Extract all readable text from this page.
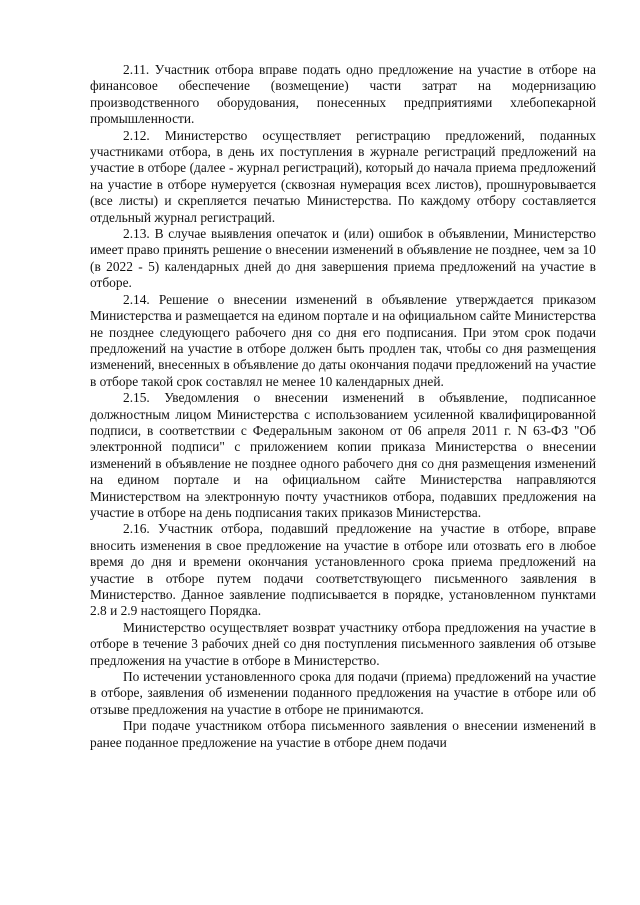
2.11. Участник отбора вправе подать одно предложение на участие в отборе на финансовое обеспечение (возмещение) части затрат на модернизацию производственного оборудования, понесенных предприятиями хлебопекарной промышленности.

2.12. Министерство осуществляет регистрацию предложений, поданных участниками отбора, в день их поступления в журнале регистраций предложений на участие в отборе (далее - журнал регистраций), который до начала приема предложений на участие в отборе нумеруется (сквозная нумерация всех листов), прошнуровывается (все листы) и скрепляется печатью Министерства. По каждому отбору составляется отдельный журнал регистраций.

2.13. В случае выявления опечаток и (или) ошибок в объявлении, Министерство имеет право принять решение о внесении изменений в объявление не позднее, чем за 10 (в 2022 - 5) календарных дней до дня завершения приема предложений на участие в отборе.

2.14. Решение о внесении изменений в объявление утверждается приказом Министерства и размещается на едином портале и на официальном сайте Министерства не позднее следующего рабочего дня со дня его подписания. При этом срок подачи предложений на участие в отборе должен быть продлен так, чтобы со дня размещения изменений, внесенных в объявление до даты окончания подачи предложений на участие в отборе такой срок составлял не менее 10 календарных дней.

2.15. Уведомления о внесении изменений в объявление, подписанное должностным лицом Министерства с использованием усиленной квалифицированной подписи, в соответствии с Федеральным законом от 06 апреля 2011 г. N 63-ФЗ "Об электронной подписи" с приложением копии приказа Министерства о внесении изменений в объявление не позднее одного рабочего дня со дня размещения изменений на едином портале и на официальном сайте Министерства направляются Министерством на электронную почту участников отбора, подавших предложения на участие в отборе на день подписания таких приказов Министерства.

2.16. Участник отбора, подавший предложение на участие в отборе, вправе вносить изменения в свое предложение на участие в отборе или отозвать его в любое время до дня и времени окончания установленного срока приема предложений на участие в отборе путем подачи соответствующего письменного заявления в Министерство. Данное заявление подписывается в порядке, установленном пунктами 2.8 и 2.9 настоящего Порядка.

Министерство осуществляет возврат участнику отбора предложения на участие в отборе в течение 3 рабочих дней со дня поступления письменного заявления об отзыве предложения на участие в отборе в Министерство.

По истечении установленного срока для подачи (приема) предложений на участие в отборе, заявления об изменении поданного предложения на участие в отборе или об отзыве предложения на участие в отборе не принимаются.

При подаче участником отбора письменного заявления о внесении изменений в ранее поданное предложение на участие в отборе днем подачи
